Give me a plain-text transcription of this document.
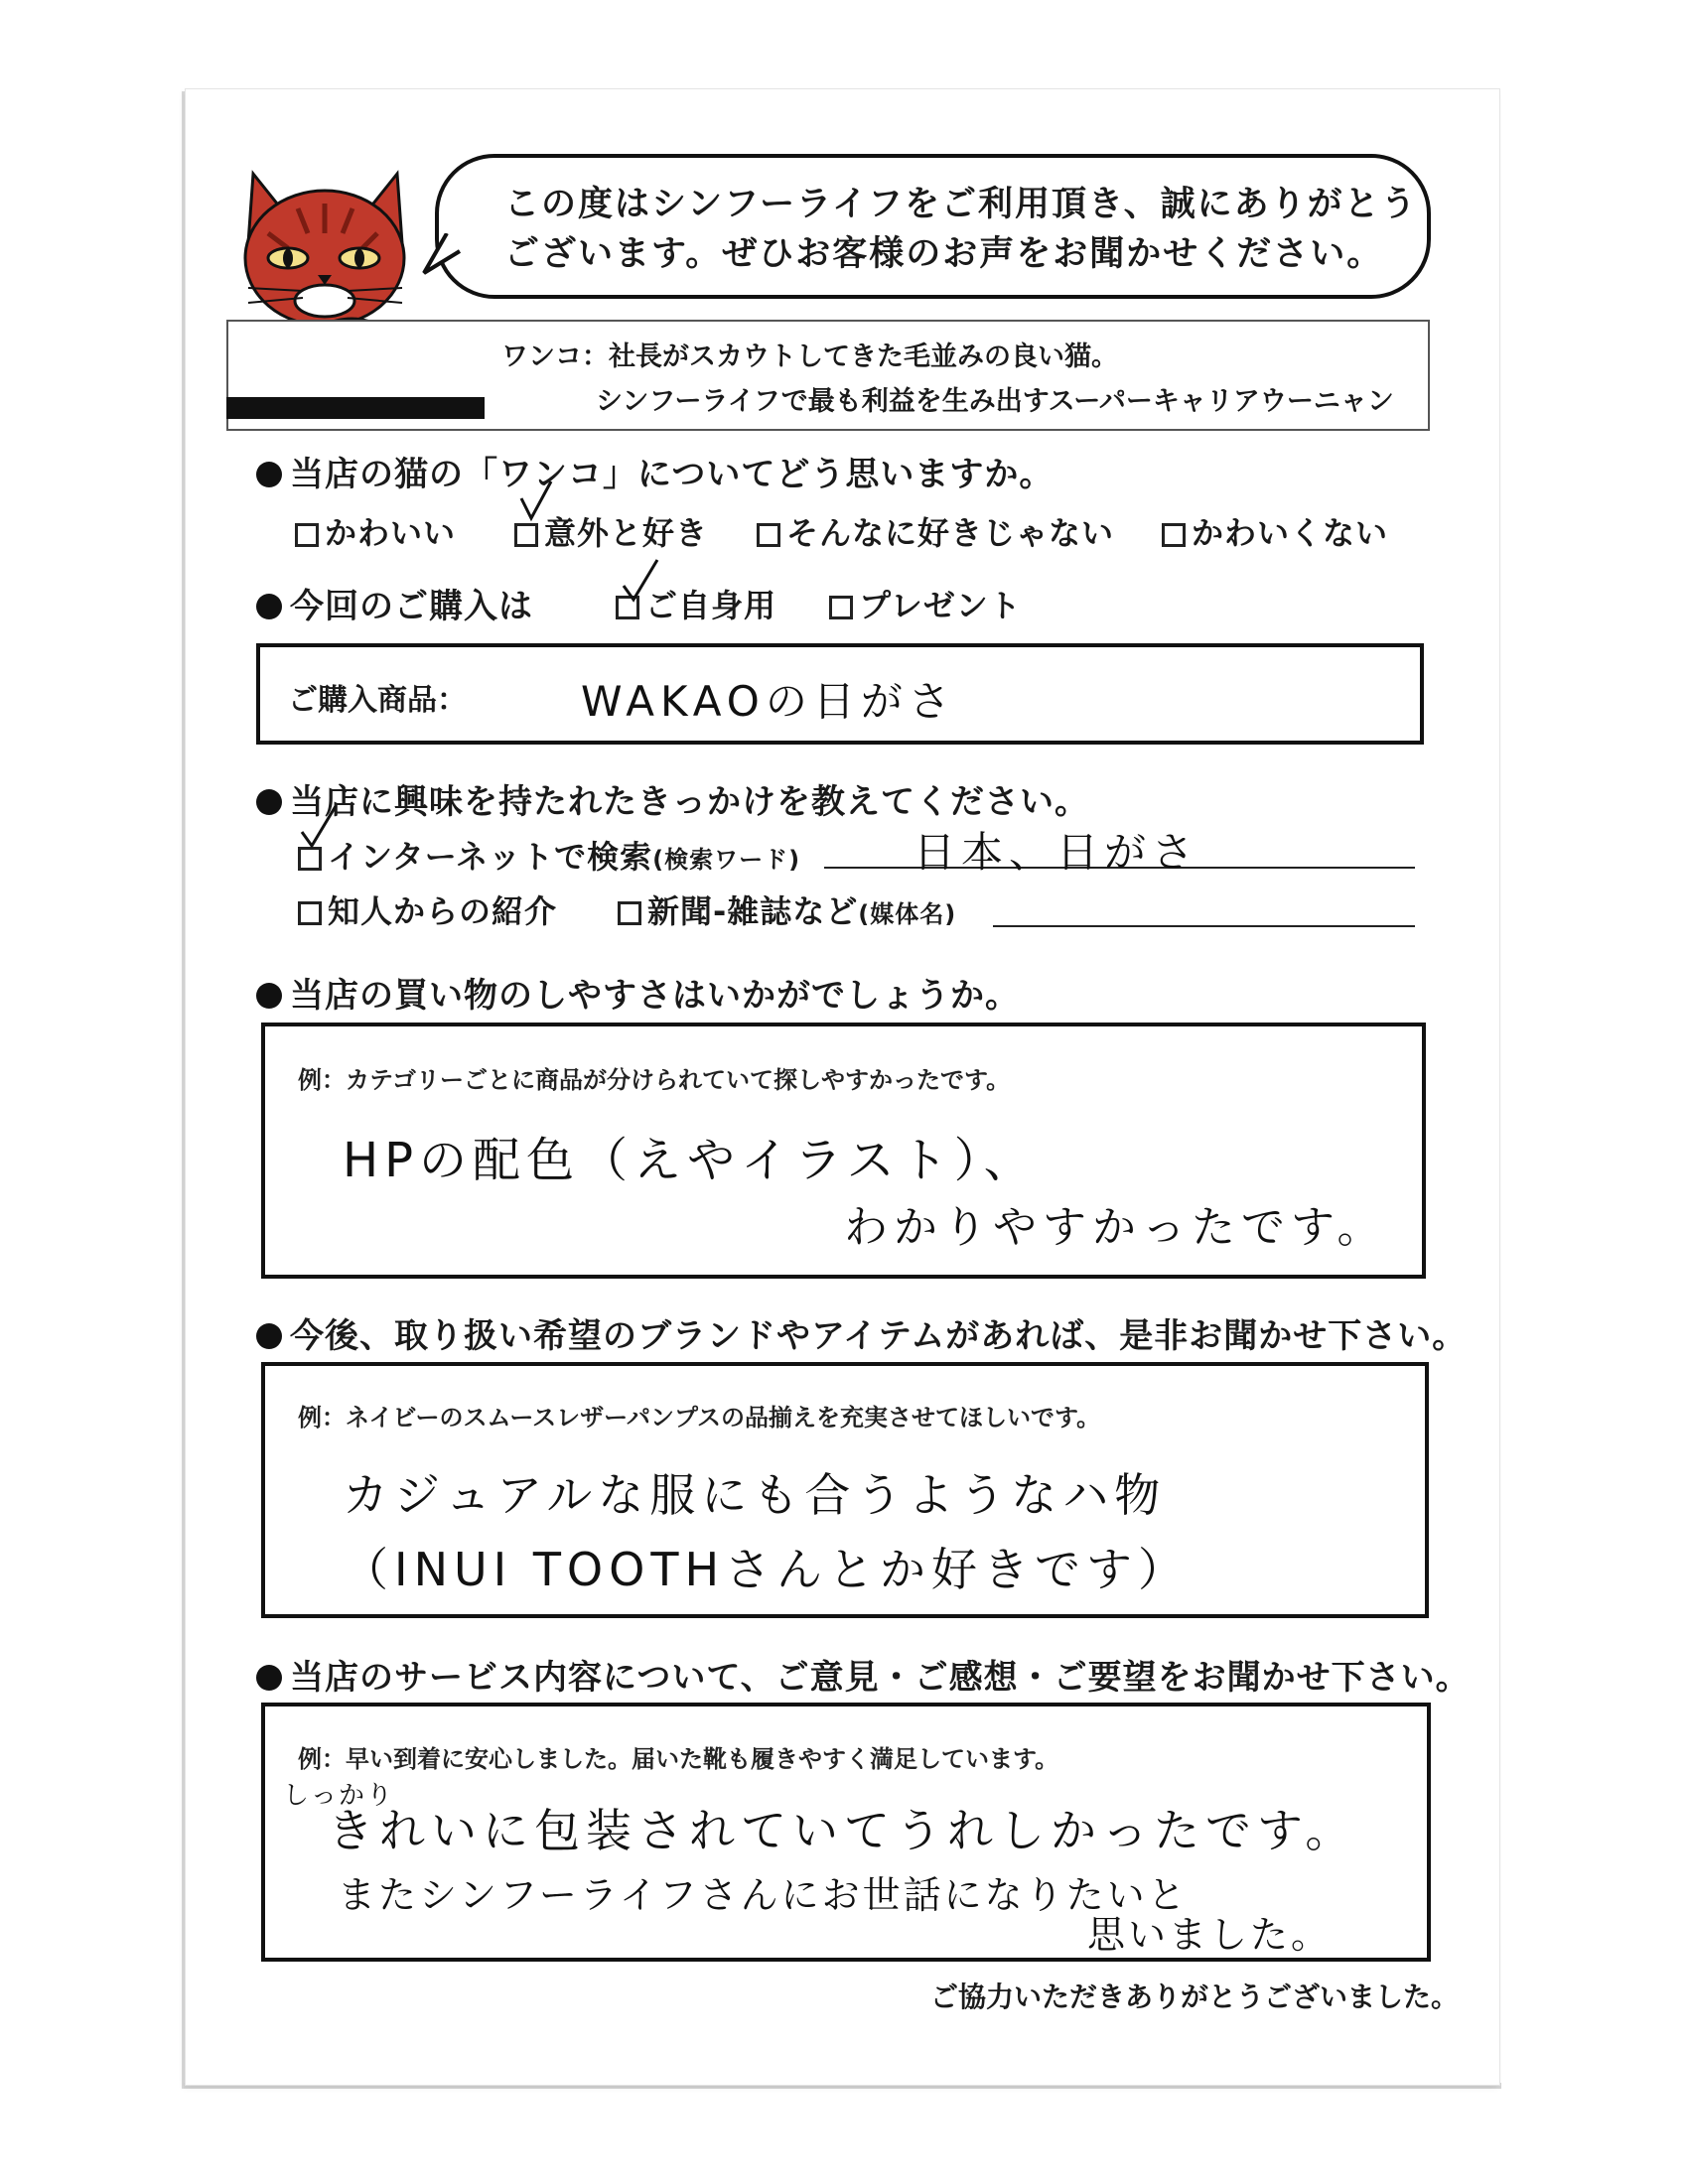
この度はシンフーライフをご利用頂き、誠にありがとう
ございます。ぜひお客様のお声をお聞かせください。
ワンコ：社長がスカウトしてきた毛並みの良い猫。
シンフーライフで最も利益を生み出すスーパーキャリアウーニャン
当店の猫の「ワンコ」についてどう思いますか。
かわいい	意外と好き	そんなに好きじゃない	かわいくない
今回のご購入は	ご自身用	プレゼント
ご購入商品：	WAKAOの日がさ
当店に興味を持たれたきっかけを教えてください。
インターネットで検索(検索ワード)	日本、日がさ
知人からの紹介	新聞-雑誌など(媒体名)
当店の買い物のしやすさはいかがでしょうか。
例：カテゴリーごとに商品が分けられていて探しやすかったです。
HPの配色（えやイラスト）、
わかりやすかったです。
今後、取り扱い希望のブランドやアイテムがあれば、是非お聞かせ下さい。
例：ネイビーのスムースレザーパンプスの品揃えを充実させてほしいです。
カジュアルな服にも合うようなハ物
（INUI TOOTHさんとか好きです）
当店のサービス内容について、ご意見・ご感想・ご要望をお聞かせ下さい。
例：早い到着に安心しました。届いた靴も履きやすく満足しています。
しっかり
きれいに包装されていてうれしかったです。
またシンフーライフさんにお世話になりたいと
思いました。
ご協力いただきありがとうございました。
